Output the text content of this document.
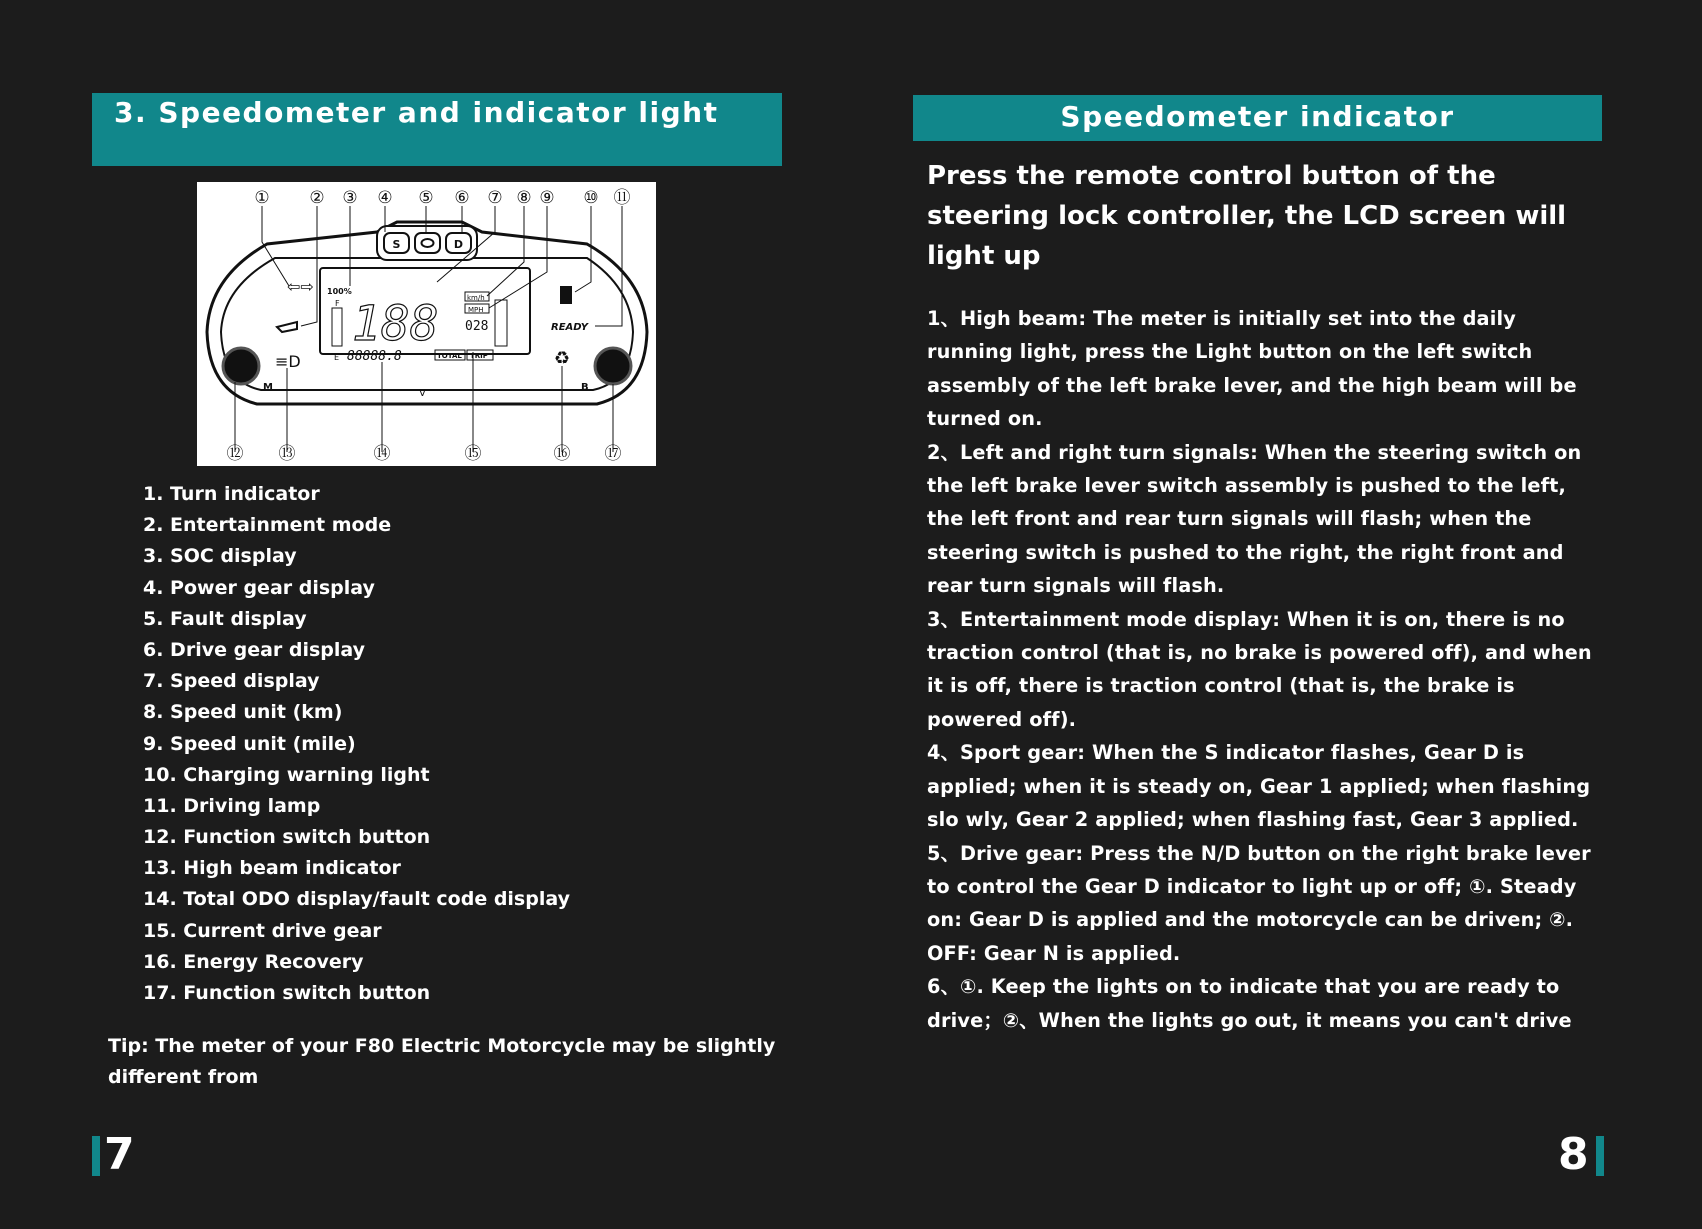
3. Speedometer and indicator light
S	D
⇦⇨
≡D
100%
F
E
188	km/h
MPH
028
88888.8	TOTAL TRIP
READY
♻
M	B
V
① ② ③ ④ ⑤ ⑥ ⑦ ⑧ ⑨ ⑩ ⑪
⑫ ⑬	⑭	⑮	⑯ ⑰
1. Turn indicator
2. Entertainment mode
3. SOC display
4. Power gear display
5. Fault display
6. Drive gear display
7. Speed display
8. Speed unit (km)
9. Speed unit (mile)
10. Charging warning light
11. Driving lamp
12. Function switch button
13. High beam indicator
14. Total ODO display/fault code display
15. Current drive gear
16. Energy Recovery
17. Function switch button

Tip: The meter of your F80 Electric Motorcycle may be slightly different from

7
Speedometer indicator

Press the remote control button of the steering lock controller, the LCD screen will light up

1、High beam: The meter is initially set into the daily running light, press the Light button on the left switch assembly of the left brake lever, and the high beam will be turned on.
2、Left and right turn signals: When the steering switch on the left brake lever switch assembly is pushed to the left, the left front and rear turn signals will flash; when the steering switch is pushed to the right, the right front and rear turn signals will flash.
3、Entertainment mode display: When it is on, there is no traction control (that is, no brake is powered off), and when it is off, there is traction control (that is, the brake is powered off).
4、Sport gear: When the S indicator flashes, Gear D is applied; when it is steady on, Gear 1 applied; when flashing slo wly, Gear 2 applied; when flashing fast, Gear 3 applied.
5、Drive gear: Press the N/D button on the right brake lever to control the Gear D indicator to light up or off; ①. Steady on: Gear D is applied and the motorcycle can be driven; ②. OFF: Gear N is applied.
6、①. Keep the lights on to indicate that you are ready to drive；②、When the lights go out, it means you can't drive
8
